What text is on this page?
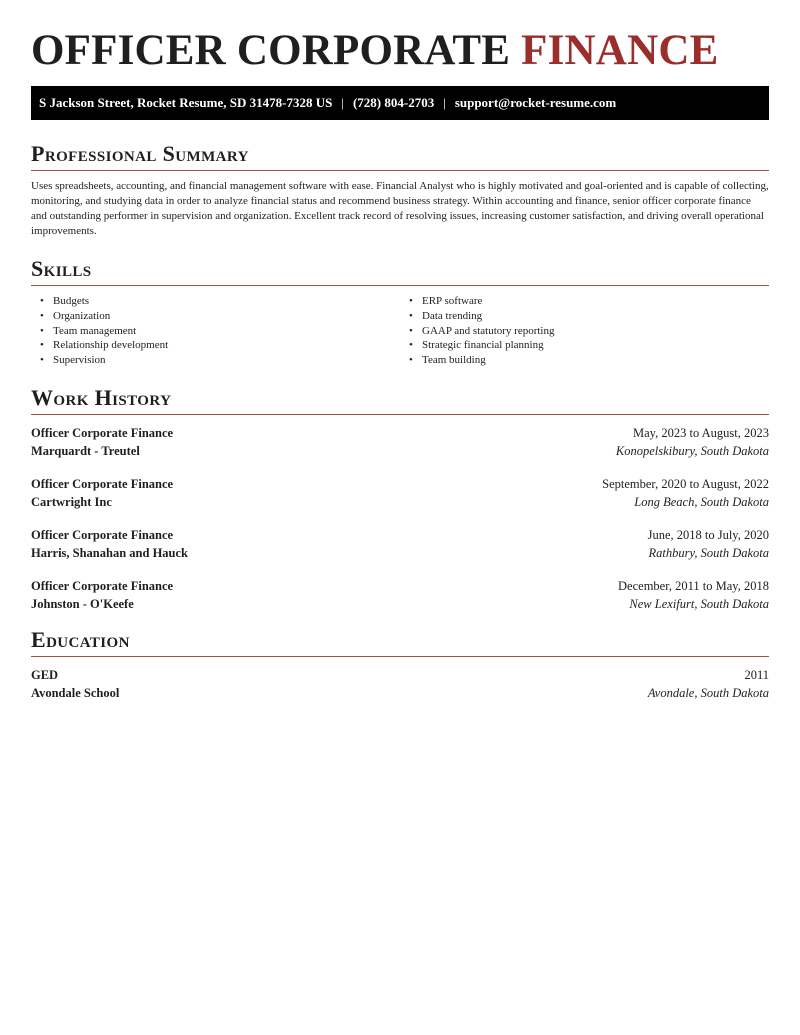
OFFICER CORPORATE FINANCE
S Jackson Street, Rocket Resume, SD 31478-7328 US | (728) 804-2703 | support@rocket-resume.com
Professional Summary

Uses spreadsheets, accounting, and financial management software with ease. Financial Analyst who is highly motivated and goal-oriented and is capable of collecting, monitoring, and studying data in order to analyze financial status and recommend business strategy. Within accounting and finance, senior officer corporate finance and outstanding performer in supervision and organization. Excellent track record of resolving issues, increasing customer satisfaction, and driving overall operational improvements.

Skills
• Budgets
• Organization
• Team management
• Relationship development
• Supervision
• ERP software
• Data trending
• GAAP and statutory reporting
• Strategic financial planning
• Team building
Work History
Officer Corporate Finance	May, 2023 to August, 2023
Marquardt - Treutel	Konopelskibury, South Dakota
Officer Corporate Finance	September, 2020 to August, 2022
Cartwright Inc	Long Beach, South Dakota
Officer Corporate Finance	June, 2018 to July, 2020
Harris, Shanahan and Hauck	Rathbury, South Dakota
Officer Corporate Finance	December, 2011 to May, 2018
Johnston - O'Keefe	New Lexifurt, South Dakota
Education
GED	2011
Avondale School	Avondale, South Dakota
